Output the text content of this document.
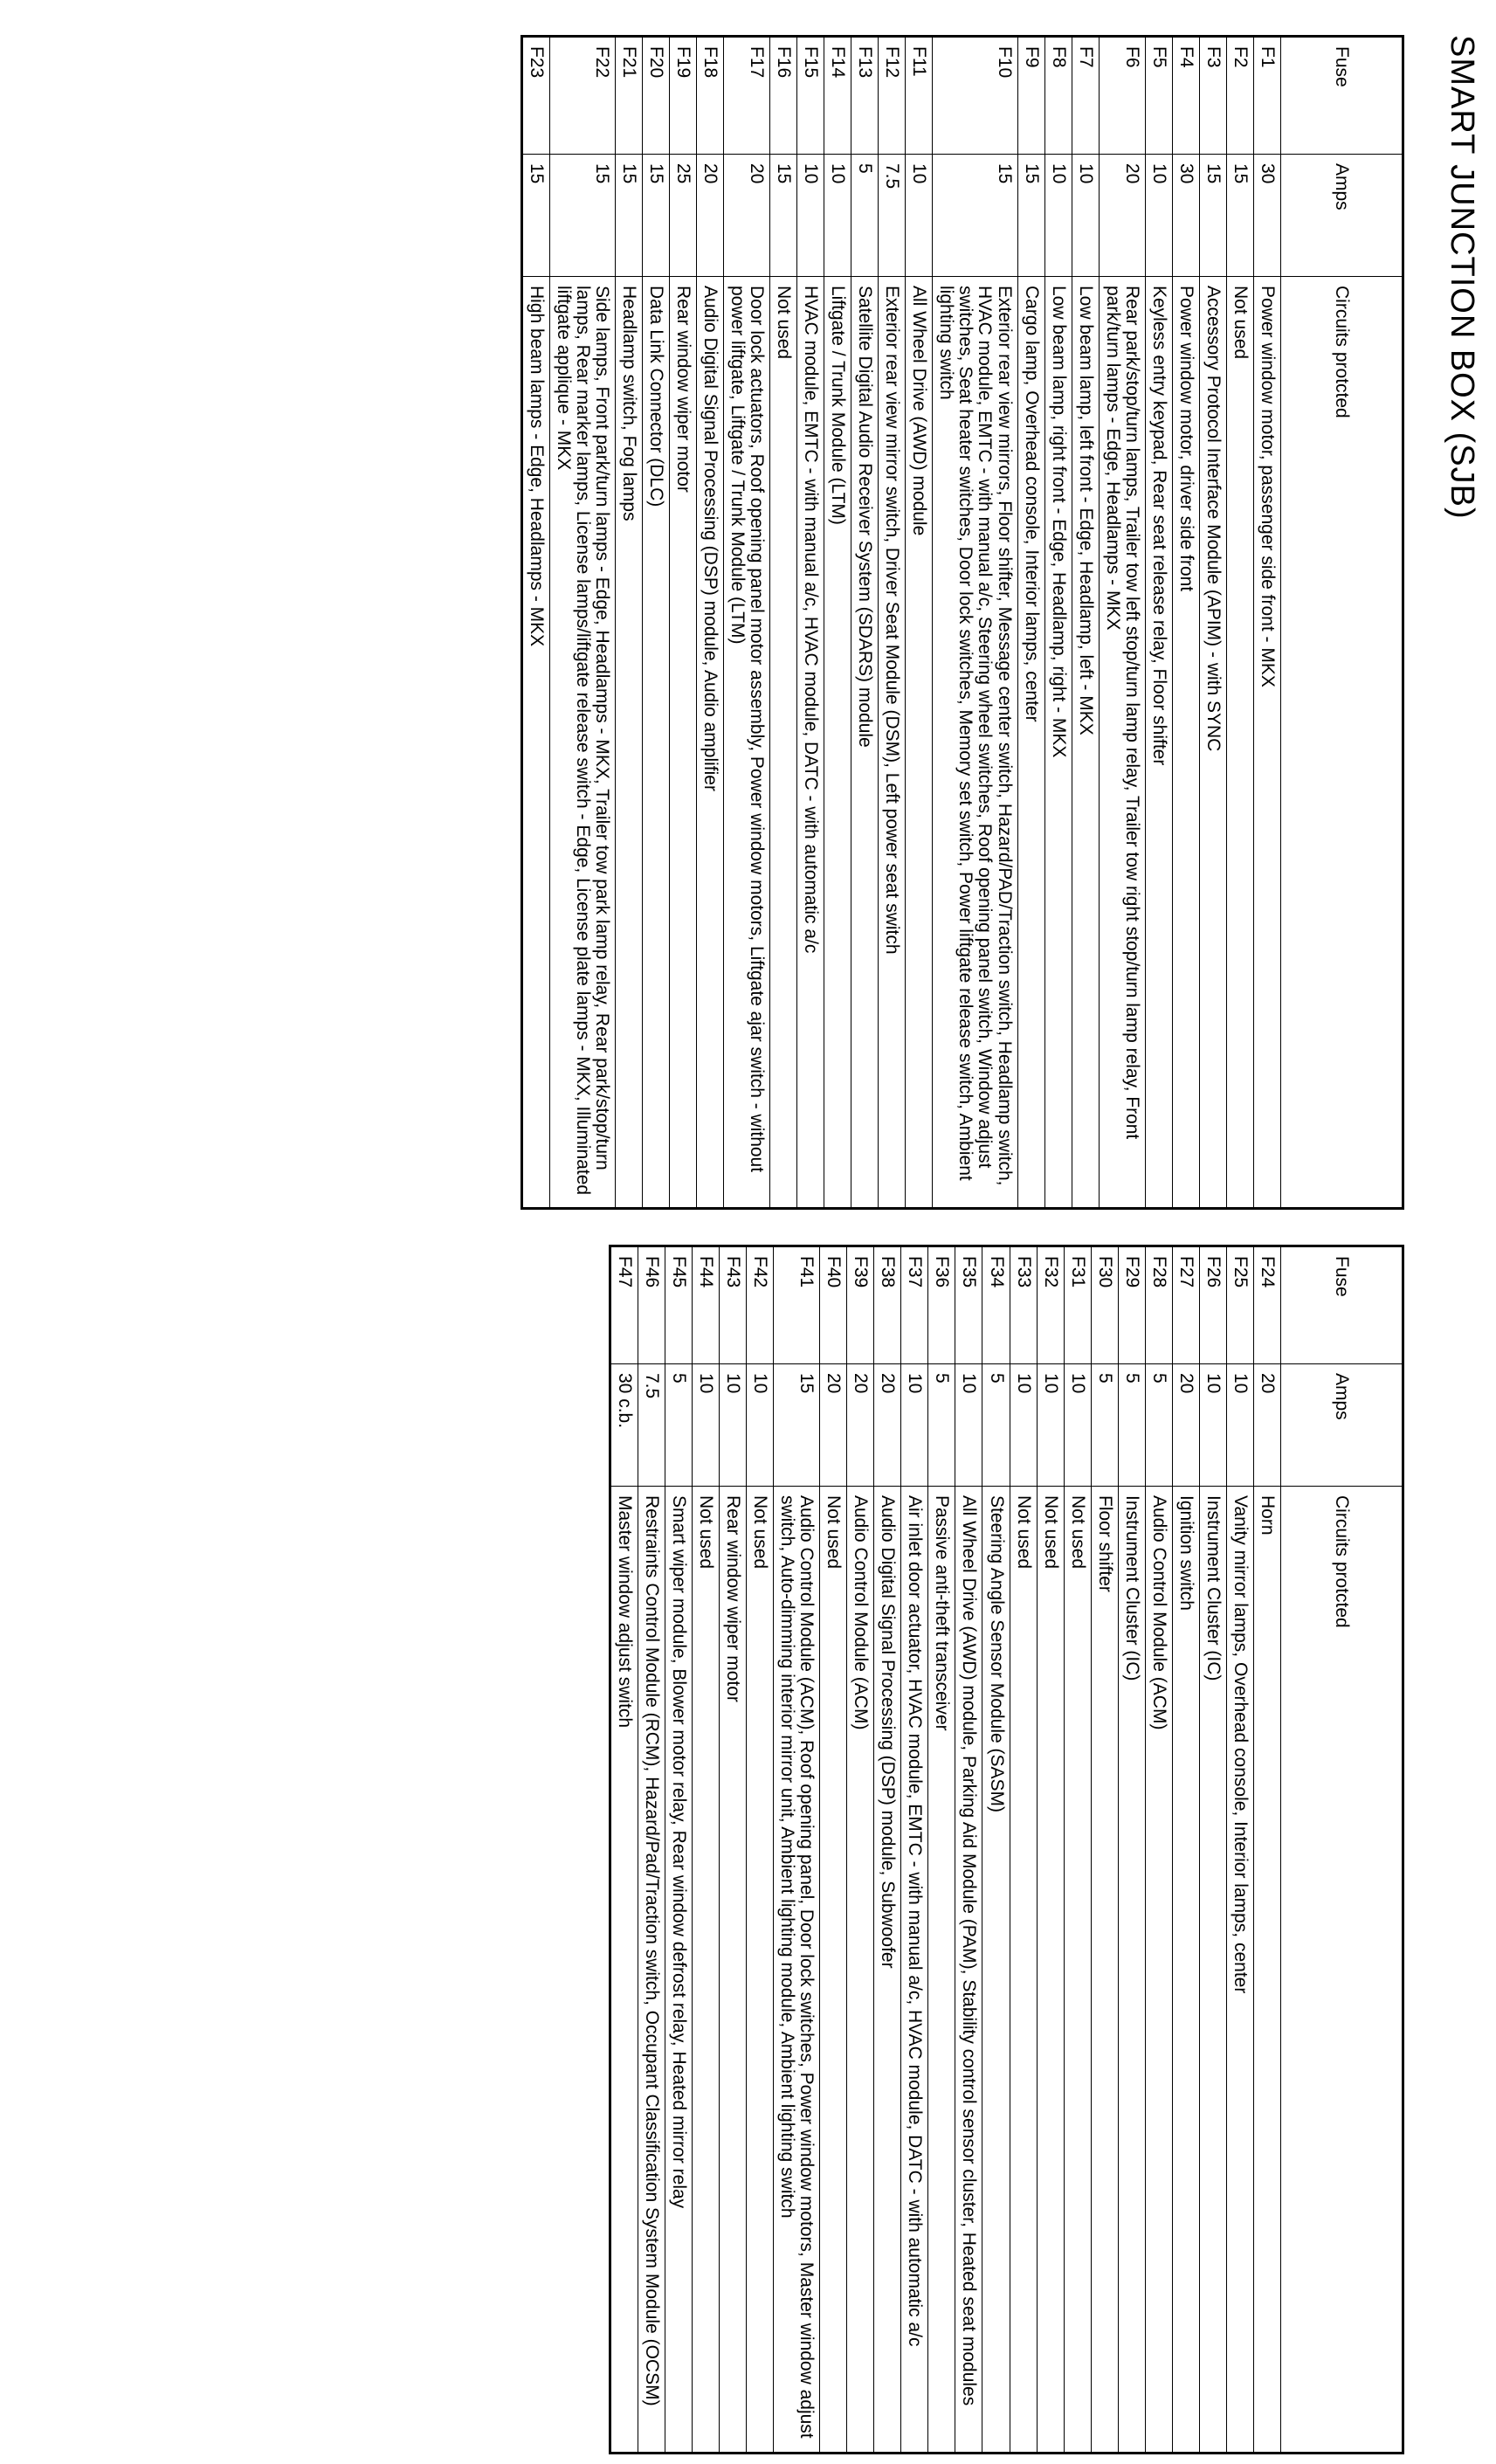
SMART JUNCTION BOX (SJB)
Fuse	Amps	Circuits protcted
F1	30	Power window motor, passenger side front - MKX
F2	15	Not used
F3	15	Accessory Protocol Interface Module (APIM) - with SYNC
F4	30	Power window motor, driver side front
F5	10	Keyless entry keypad, Rear seat release relay, Floor shifter
F6	20	Rear park/stop/turn lamps, Trailer tow left stop/turn lamp relay, Trailer tow right stop/turn lamp relay, Front park/turn lamps - Edge, Headlamps - MKX
F7	10	Low beam lamp, left front - Edge, Headlamp, left - MKX
F8	10	Low beam lamp, right front - Edge, Headlamp, right - MKX
F9	15	Cargo lamp, Overhead console, Interior lamps, center
F10	15	Exterior rear view mirrors, Floor shifter, Message center switch, Hazard/PAD/Traction switch, Headlamp switch, HVAC module, EMTC - with manual a/c, Steering wheel switches, Roof opening panel switch, Window adjust switches, Seat heater switches, Door lock switches, Memory set switch, Power liftgate release switch, Ambient lighting switch
F11	10	All Wheel Drive (AWD) module
F12	7.5	Exterior rear view mirror switch, Driver Seat Module (DSM), Left power seat switch
F13	5	Satellite Digital Audio Receiver System (SDARS) module
F14	10	Liftgate / Trunk Module (LTM)
F15	10	HVAC module, EMTC - with manual a/c, HVAC module, DATC - with automatic a/c
F16	15	Not used
F17	20	Door lock actuators, Roof opening panel motor assembly, Power window motors, Liftgate ajar switch - without power liftgate, Liftgate / Trunk Module (LTM)
F18	20	Audio Digital Signal Processing (DSP) module, Audio amplifier
F19	25	Rear window wiper motor
F20	15	Data Link Connector (DLC)
F21	15	Headlamp switch, Fog lamps
F22	15	Side lamps, Front park/turn lamps - Edge, Headlamps - MKX, Trailer tow park lamp relay, Rear park/stop/turn lamps, Rear marker lamps, License lamps/liftgate release switch - Edge, License plate lamps - MKX, Illuminated liftgate applique - MKX
F23	15	High beam lamps - Edge, Headlamps - MKX
Fuse	Amps	Circuits protcted
F24	20	Horn
F25	10	Vanity mirror lamps, Overhead console, Interior lamps, center
F26	10	Instrument Cluster (IC)
F27	20	Ignition switch
F28	5	Audio Control Module (ACM)
F29	5	Instrument Cluster (IC)
F30	5	Floor shifter
F31	10	Not used
F32	10	Not used
F33	10	Not used
F34	5	Steering Angle Sensor Module (SASM)
F35	10	All Wheel Drive (AWD) module, Parking Aid Module (PAM), Stability control sensor cluster, Heated seat modules
F36	5	Passive anti-theft transceiver
F37	10	Air inlet door actuator, HVAC module, EMTC - with manual a/c, HVAC module, DATC - with automatic a/c
F38	20	Audio Digital Signal Processing (DSP) module, Subwoofer
F39	20	Audio Control Module (ACM)
F40	20	Not used
F41	15	Audio Control Module (ACM), Roof opening panel, Door lock switches, Power window motors, Master window adjust switch, Auto-dimming interior mirror unit, Ambient lighting module, Ambient lighting switch
F42	10	Not used
F43	10	Rear window wiper motor
F44	10	Not used
F45	5	Smart wiper module, Blower motor relay, Rear window defrost relay, Heated mirror relay
F46	7.5	Restraints Control Module (RCM), Hazard/Pad/Traction switch, Occupant Classification System Module (OCSM)
F47	30 c.b.	Master window adjust switch
